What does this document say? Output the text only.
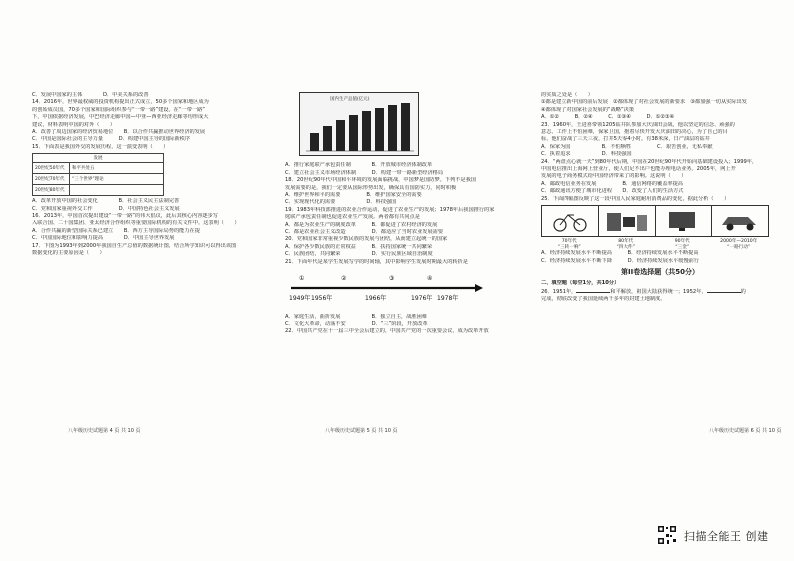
C．发展中国家的主体　　　　D．中美关系的改善
14．2016年，世界最权威的投资机构提出正式成立，50多个国家和地区成为
的创始成员国，70多个国家和国际组织参与“一带一路”建设。在“一带一路”
下，中国依据经济发展，中巴经济走廊中国—中亚—西亚经济走廊等均形成大
建议，材料表明中国的对外（　　）
A．改善了周边国家的经济贸易地位　　B．以合作共赢推动世界经济的发展
C．中国是国际社会的主导力量　　　D．构建中国主导的国际新秩序
15．下面表是我国外交的发展历程，这一演变表明（　　）
发展
20世纪50年代	和平共处五
20世纪70年代	“三个世界”理论
20世纪80年代
A．改革开放中国的社会变化　　　　B．社会主义民主法制完善
C．党和国家重视外交工作　　　　　D．中国特色社会主义发展
16．2013年，中国首次提出建设“一带一路”的伟大倡议，此后其核心内容逐步写
入联合国、二十国集团、亚太经济合作组织等重要国际机构的有关文件中。这表明（　　）
A．合作共赢的新型国际关系已建立　　B．西方主导国际局势的能力在提
C．中国国际地位和影响力提高　　　　D．中国主导世界发展
17．下图为1993年到2000年我国自生产总值的数据统计图，结合所学知识可以得出该图
数据变化的主要原因是（　　）
八年级历史试题第 4 页 共 10 页
国内生产总值(亿元)
A．推行家庭联产承包责任制　　　　B．开放城市经济体制改革
C．建立社会主义市场经济体制　　　D．构建一带一路新型经济格局
18．20世纪90年代中国和平环境的发展面临挑战，中国梦是国防梦。下列不是我国
发展需要的是，我们一定要从国际形势出发，确保具有国防实力，同时积极
A．维护世界和平的需要　　　　　B．维护国家安全的需要
C．实现现代化的需要　　　　　　D．科技强国
19．1983年科技部推进的农业合作运动，促进了农业生产的发展；1978年后我国推行的家
庭联产承包责任制也促进农业生产发展。两者都有共同点是
A．都是为农业生产的制度改革　　　B．都促进了农村经济的发展
C．都是农业社会主义改造　　　　　D．都适应了当时农业发展需要
20．党和国家非常重视少数民族的发展与团结，从而建立起统一的国家
A．保护各少数民族的正常权益　　　B．扶持国家统一共同繁荣
C．民族团结，共同繁荣　　　　　　D．实行民族区域自治制度
21．下面年代是某学生发展写学的时间轴，其中影响学生发展时期最大的转折是
1949年 1956年	1966年	1976年 1978年
①	②	③	④
A．家庭生活，曲折发展　　　　　　B．独立自主，战胜困难
C．文化大革命，动荡不安　　　　　D．“三”阶段，开放改革
22．中国共产党在十一届三中全会后建立的，中国共产党的一次重要会议，成为改革开放
八年级历史试题第 5 页 共 10 页
的实质之处是（　　）
①都是建立新中国的前后发展　②都体现了对社会发展的新要求　③都加强一切从实际出发
④都体现了对国家社会发展的“战略”决策
A．①②　　　B．②④　　　C．①③④　　　D．①②③④
23．1960年，王进喜带领1205钻井队参加大庆油田会战，他以坚定的信念、顽强的
意志、工作上不怕困难，保家卫国，抱着尽快开发大庆油田的决心，为了自己的目
标，他们奋战了三天三夜，打井5天零4小时。有38米深，日产油层的钻井
A．保家为国　　　　　　B．不怕牺牲　　　　　C．艰苦创业，无私奉献
C．执着追求　　　　　　D．科技强国
24．“两盘点心就一天”到80年代后期，中国在20世纪90年代开始向基础建设投入；1999年，
中国电信推出上海网上营业厅，使人们足不出户也能办理电话业务。2005年，网上开
发展的电子商务模式给中国经济带来了的影响。这说明（　　）
A．邮政电信业务在发展　　　　　B．通信网络的覆盖率提高
C．邮政通讯方便了城市化进程　　D．改变了人们的生活方式
25．下面四幅图反映了这一段中国人民家庭耐用消费品的变化，据此分析（　　）
70年代
“三转一响”
80年代
“四大件”
90年代
“三金”
2000年—2010年
“一路行动”
A．经济持续发展水平不断提高　　　B．经济持续发展水平不断提高
C．经济持续发展水平不断下降　　　D．经济持续发展水平缓慢前行
第II卷选择题（共50分）
二、填空题（每空1分，共10分）
26．1951年，	和平解放，祖国大陆获得统一；1952年，	的
完成，彻底改变了我国延续两千多年的封建土地制度。
八年级历史试题第 6 页 共 10 页
扫描全能王 创建
